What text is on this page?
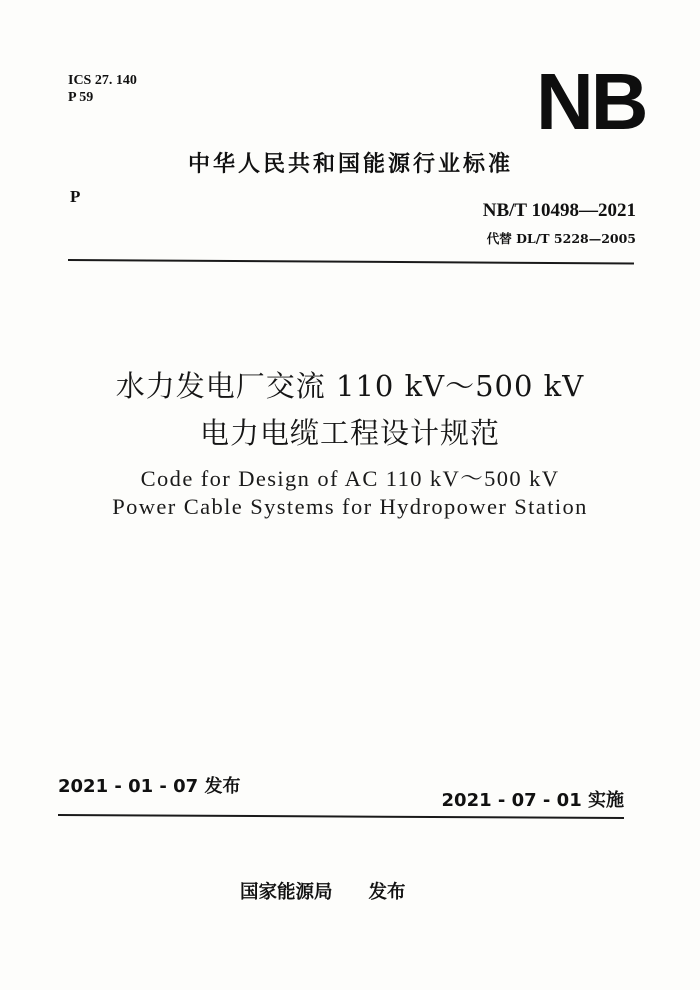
ICS 27. 140
P 59	NB
中华人民共和国能源行业标准
P
NB/T 10498—2021
代替 DL/T 5228—2005
水力发电厂交流 110 kV～500 kV
电力电缆工程设计规范
Code for Design of AC 110 kV～500 kV
Power Cable Systems for Hydropower Station
2021 - 01 - 07 发布
2021 - 07 - 01 实施
国家能源局 发布
